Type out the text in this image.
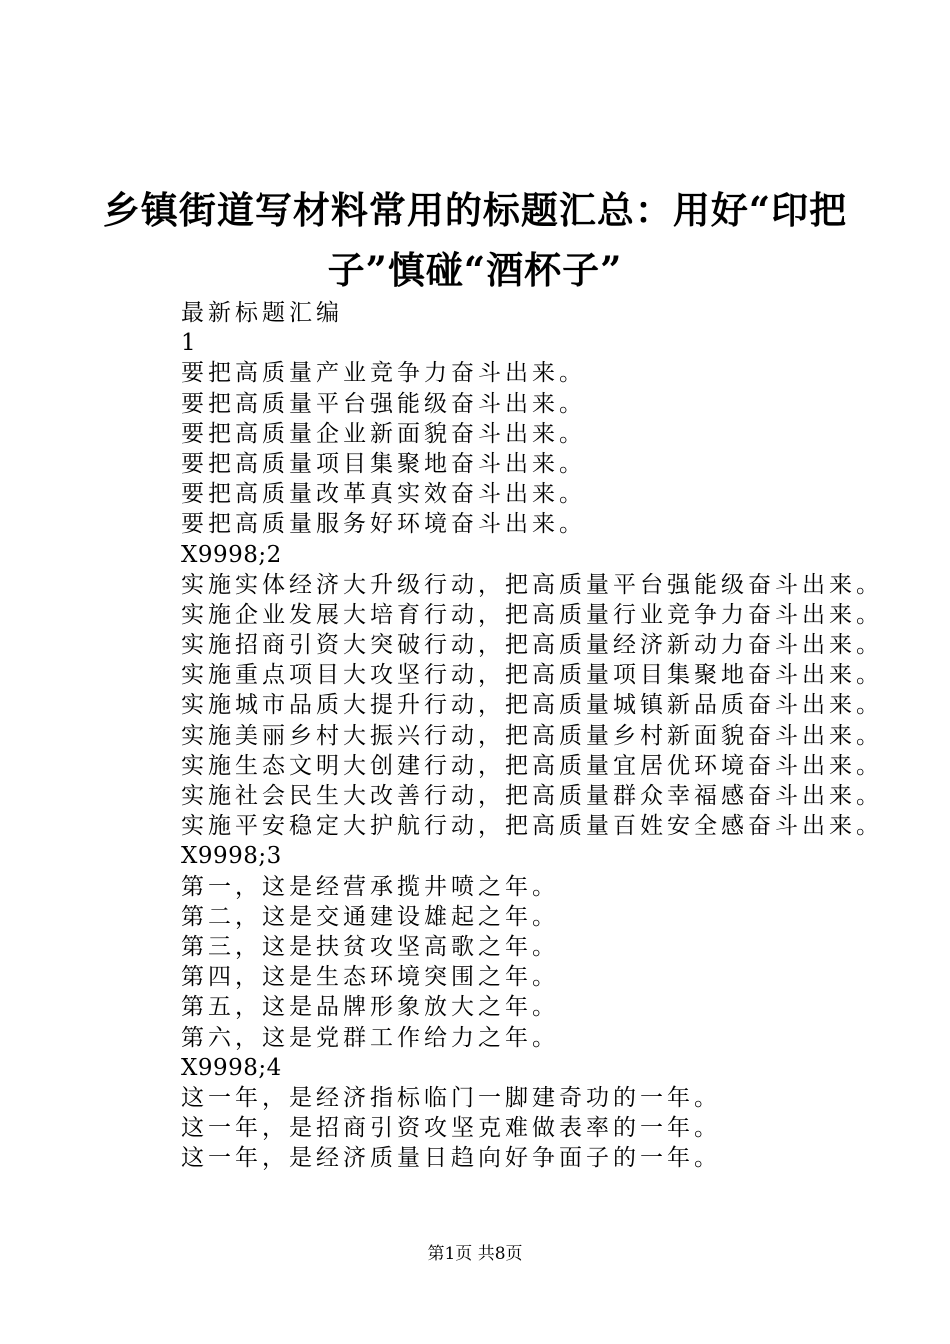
乡镇街道写材料常用的标题汇总：用好“印把
子”慎碰“酒杯子”
最新标题汇编
1
要把高质量产业竞争力奋斗出来。
要把高质量平台强能级奋斗出来。
要把高质量企业新面貌奋斗出来。
要把高质量项目集聚地奋斗出来。
要把高质量改革真实效奋斗出来。
要把高质量服务好环境奋斗出来。
X9998;2
实施实体经济大升级行动，把高质量平台强能级奋斗出来。
实施企业发展大培育行动，把高质量行业竞争力奋斗出来。
实施招商引资大突破行动，把高质量经济新动力奋斗出来。
实施重点项目大攻坚行动，把高质量项目集聚地奋斗出来。
实施城市品质大提升行动，把高质量城镇新品质奋斗出来。
实施美丽乡村大振兴行动，把高质量乡村新面貌奋斗出来。
实施生态文明大创建行动，把高质量宜居优环境奋斗出来。
实施社会民生大改善行动，把高质量群众幸福感奋斗出来。
实施平安稳定大护航行动，把高质量百姓安全感奋斗出来。
X9998;3
第一，这是经营承揽井喷之年。
第二，这是交通建设雄起之年。
第三，这是扶贫攻坚高歌之年。
第四，这是生态环境突围之年。
第五，这是品牌形象放大之年。
第六，这是党群工作给力之年。
X9998;4
这一年，是经济指标临门一脚建奇功的一年。
这一年，是招商引资攻坚克难做表率的一年。
这一年，是经济质量日趋向好争面子的一年。
第1页 共8页
